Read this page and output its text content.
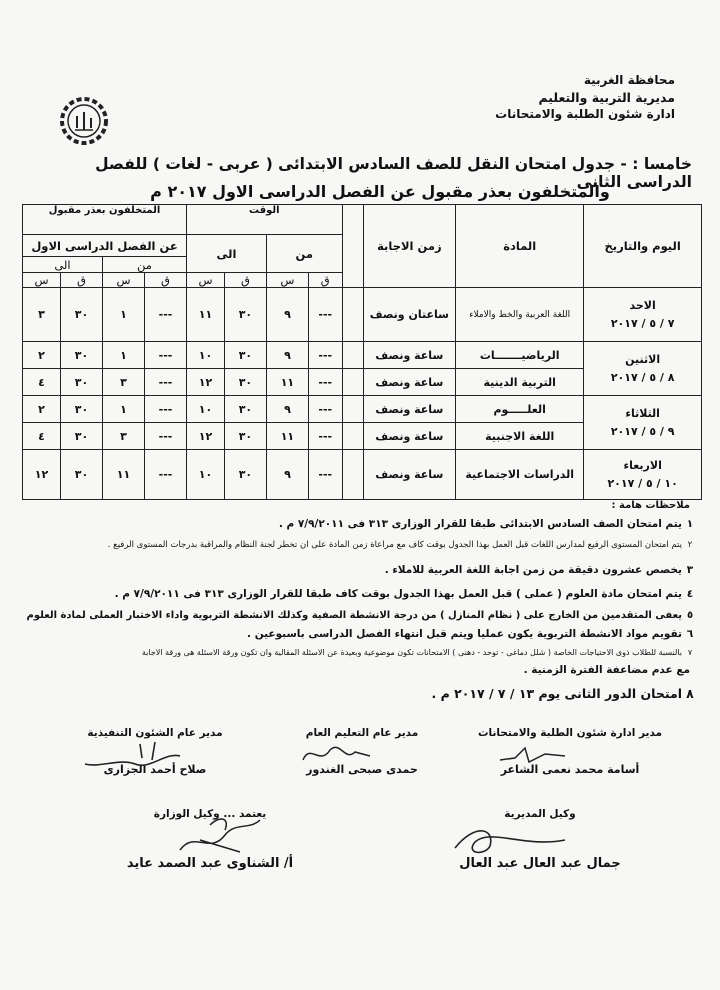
محافظة الغربية
مديرية التربية والتعليم
ادارة شئون الطلبة والامتحانات
خامسا : - جدول امتحان النقل للصف السادس الابتدائى ( عربى - لغات ) للفصل الدراسى الثانى
والمتخلفون بعذر مقبول عن الفصل الدراسى الاول ٢٠١٧ م
اليوم والتاريخ	المادة	زمن الاجابة		الوقت				المتخلفون بعذر مقبول			
				من		الى		عن الفصل الدراسى الاول			
								من		الى	
				ق	س	ق	س	ق	س	ق	س

الاحد
٧ / ٥ / ٢٠١٧	اللغة العربية والخط والاملاء	ساعتان ونصف		---	٩	٣٠	١١	---	١	٣٠	٣

الاثنين
٨ / ٥ / ٢٠١٧	الرياضيـــــــات	ساعة ونصف		---	٩	٣٠	١٠	---	١	٣٠	٢
	التربية الدينية	ساعة ونصف		---	١١	٣٠	١٢	---	٣	٣٠	٤

الثلاثاء
٩ / ٥ / ٢٠١٧	العلـــــوم	ساعة ونصف		---	٩	٣٠	١٠	---	١	٣٠	٢
	اللغة الاجنبية	ساعة ونصف		---	١١	٣٠	١٢	---	٣	٣٠	٤

الاربعاء
١٠ / ٥ / ٢٠١٧	الدراسات الاجتماعية	ساعة ونصف		---	٩	٣٠	١٠	---	١١	٣٠	١٢
ملاحظات هامة :
١يتم امتحان الصف السادس الابتدائى طبقا للقرار الوزارى ٣١٣ فى ٧/٩/٢٠١١ م .
٢يتم امتحان المستوى الرفيع لمدارس اللغات قبل العمل بهذا الجدول بوقت كاف مع مراعاة زمن المادة على ان تخطر لجنة النظام والمراقبة بدرجات المستوى الرفيع .
٣يخصص عشرون دقيقة من زمن اجابة اللغة العربية للاملاء .
٤يتم امتحان مادة العلوم ( عملى ) قبل العمل بهذا الجدول بوقت كاف طبقا للقرار الوزارى ٣١٣ فى ٧/٩/٢٠١١ م .
٥يعفى المتقدمين من الخارج على ( نظام المنازل ) من درجة الانشطة الصفية وكذلك الانشطة التربوية واداء الاختبار العملى لمادة العلوم
٦تقويم مواد الانشطة التربوية يكون عمليا ويتم قبل انتهاء الفصل الدراسى باسبوعين .
٧بالنسبة للطلاب ذوى الاحتياجات الخاصة ( شلل دماغى - توحد - دهنى ) الامتحانات تكون موضوعية وبعيدة عن الاسئلة المقالية وان تكون ورقة الاسئلة هى ورقة الاجابة
مع عدم مضاعفة الفترة الزمنية .
٨امتحان الدور الثانى يوم ١٣ / ٧ / ٢٠١٧ م .
مدير ادارة شئون الطلبة والامتحانات
أسامة محمد نعمى الشاعر
مدير عام التعليم العام
حمدى صبحى الغندور
مدير عام الشئون التنفيذية
صلاح أحمد الجزارى
وكيل المديرية
جمال عبد العال عبد العال
يعتمد ... وكيل الوزارة
أ/ الشناوى عبد الصمد عايد
